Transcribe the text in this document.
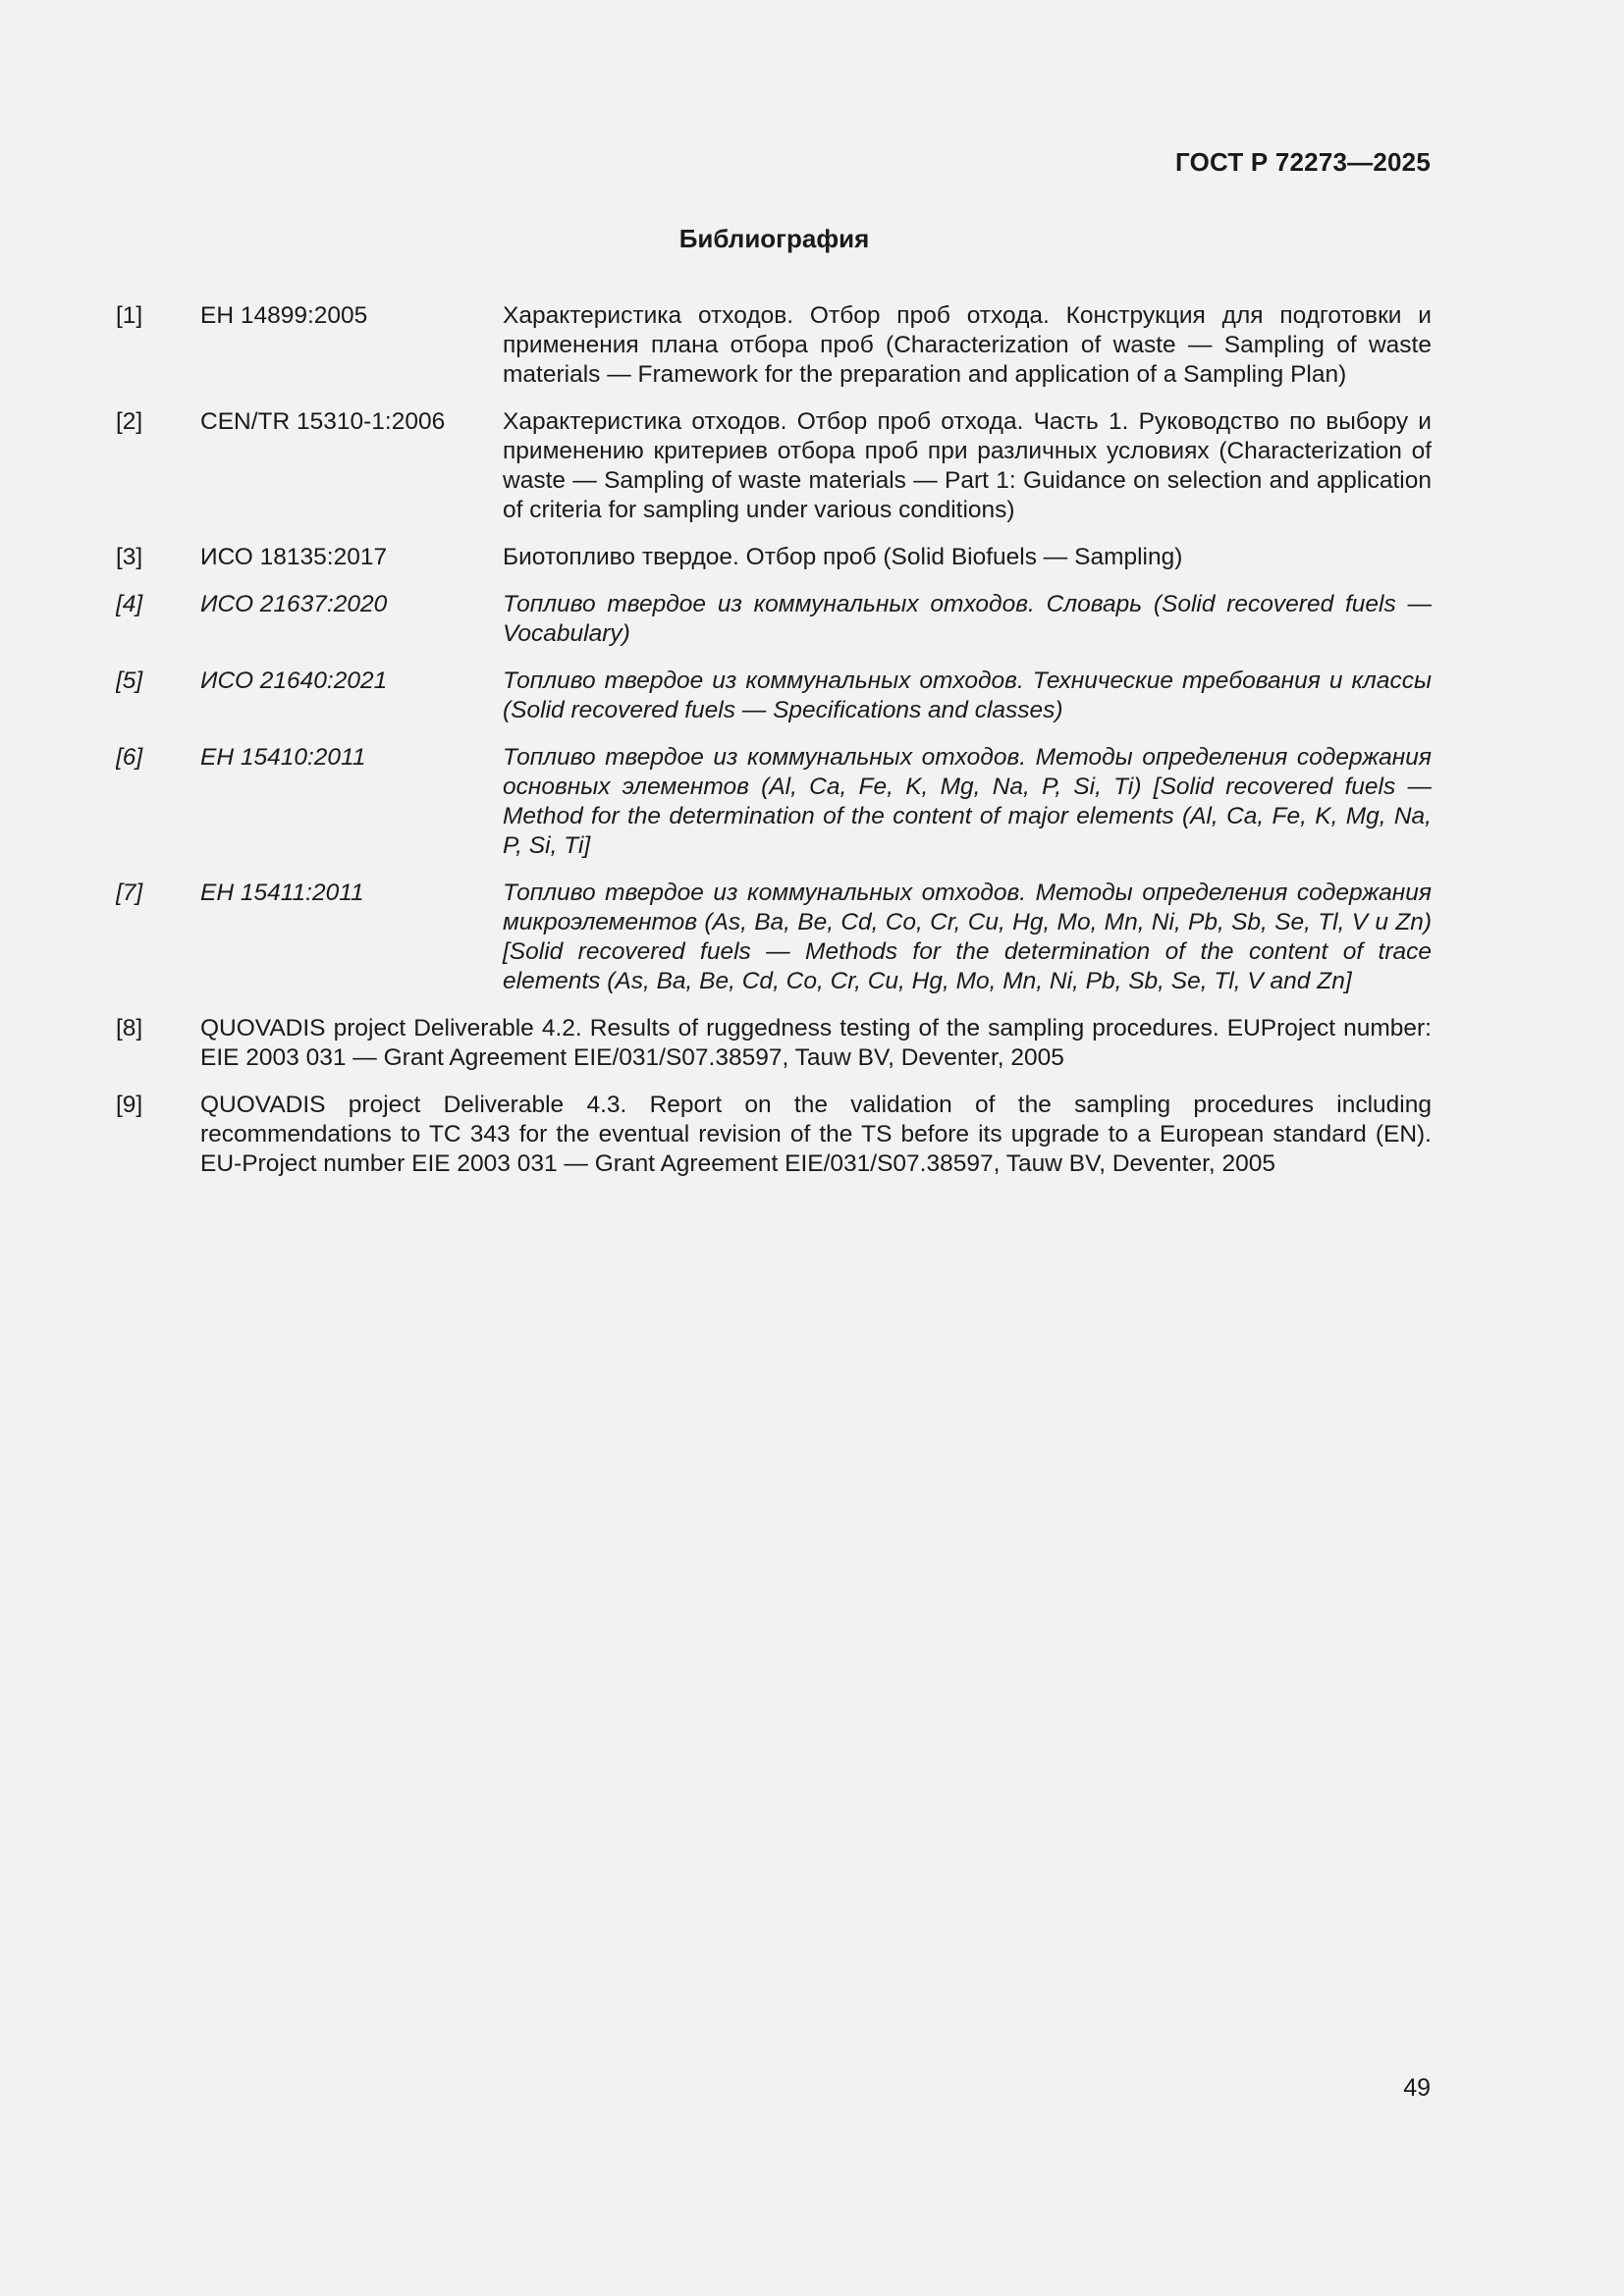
ГОСТ Р 72273—2025
Библиография
[1] ЕН 14899:2005	Характеристика отходов. Отбор проб отхода. Конструкция для подготовки и применения плана отбора проб (Characterization of waste — Sampling of waste materials — Framework for the preparation and application of a Sampling Plan)
[2] CEN/TR 15310-1:2006 Характеристика отходов. Отбор проб отхода. Часть 1. Руководство по выбору и применению критериев отбора проб при различных условиях (Characterization of waste — Sampling of waste materials — Part 1: Guidance on selection and application of criteria for sampling under various conditions)
[3] ИСО 18135:2017	Биотопливо твердое. Отбор проб (Solid Biofuels — Sampling)
[4] ИСО 21637:2020	Топливо твердое из коммунальных отходов. Словарь (Solid recovered fuels — Vocabulary)
[5] ИСО 21640:2021	Топливо твердое из коммунальных отходов. Технические требования и классы (Solid recovered fuels — Specifications and classes)
[6] ЕН 15410:2011	Топливо твердое из коммунальных отходов. Методы определения содержания основных элементов (Al, Ca, Fe, K, Mg, Na, P, Si, Ti) [Solid recovered fuels — Method for the determination of the content of major elements (Al, Ca, Fe, K, Mg, Na, P, Si, Ti]
[7] ЕН 15411:2011	Топливо твердое из коммунальных отходов. Методы определения содержания микроэлементов (As, Ba, Be, Cd, Co, Cr, Cu, Hg, Mo, Mn, Ni, Pb, Sb, Se, Tl, V и Zn) [Solid recovered fuels — Methods for the determination of the content of trace elements (As, Ba, Be, Cd, Co, Cr, Cu, Hg, Mo, Mn, Ni, Pb, Sb, Se, Tl, V and Zn]
[8] QUOVADIS project Deliverable 4.2. Results of ruggedness testing of the sampling procedures. EUProject number: EIE 2003 031 — Grant Agreement EIE/031/S07.38597, Tauw BV, Deventer, 2005
[9] QUOVADIS project Deliverable 4.3. Report on the validation of the sampling procedures including recommendations to TC 343 for the eventual revision of the TS before its upgrade to a European standard (EN). EU-Project number EIE 2003 031 — Grant Agreement EIE/031/S07.38597, Tauw BV, Deventer, 2005
49
